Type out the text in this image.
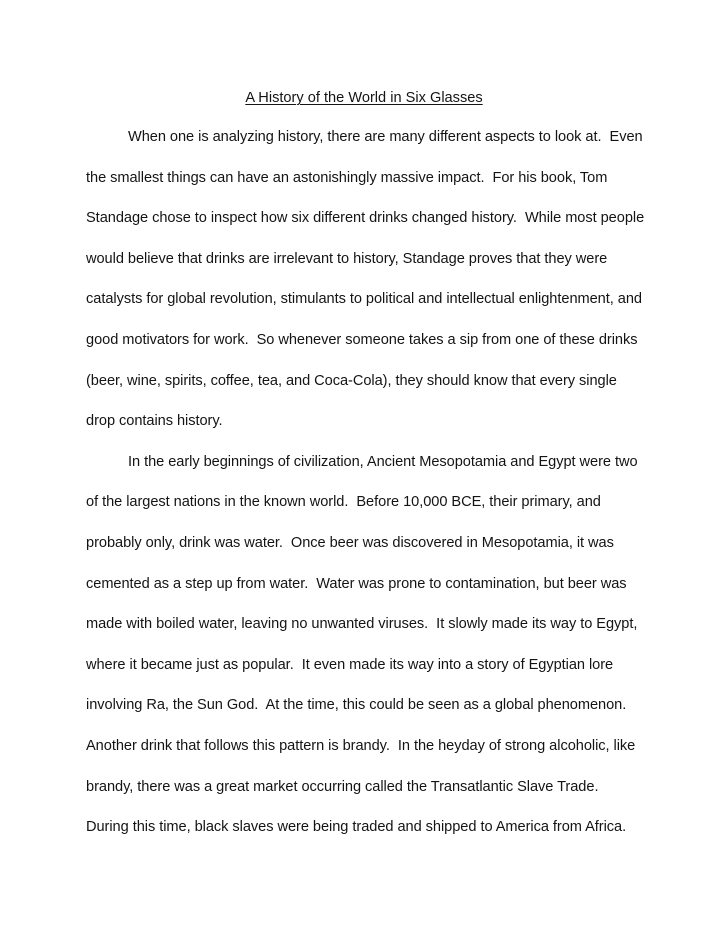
A History of the World in Six Glasses
When one is analyzing history, there are many different aspects to look at.  Even
the smallest things can have an astonishingly massive impact.  For his book, Tom
Standage chose to inspect how six different drinks changed history.  While most people
would believe that drinks are irrelevant to history, Standage proves that they were
catalysts for global revolution, stimulants to political and intellectual enlightenment, and
good motivators for work.  So whenever someone takes a sip from one of these drinks
(beer, wine, spirits, coffee, tea, and Coca-Cola), they should know that every single
drop contains history.
In the early beginnings of civilization, Ancient Mesopotamia and Egypt were two
of the largest nations in the known world.  Before 10,000 BCE, their primary, and
probably only, drink was water.  Once beer was discovered in Mesopotamia, it was
cemented as a step up from water.  Water was prone to contamination, but beer was
made with boiled water, leaving no unwanted viruses.  It slowly made its way to Egypt,
where it became just as popular.  It even made its way into a story of Egyptian lore
involving Ra, the Sun God.  At the time, this could be seen as a global phenomenon.
Another drink that follows this pattern is brandy.  In the heyday of strong alcoholic, like
brandy, there was a great market occurring called the Transatlantic Slave Trade.
During this time, black slaves were being traded and shipped to America from Africa.
